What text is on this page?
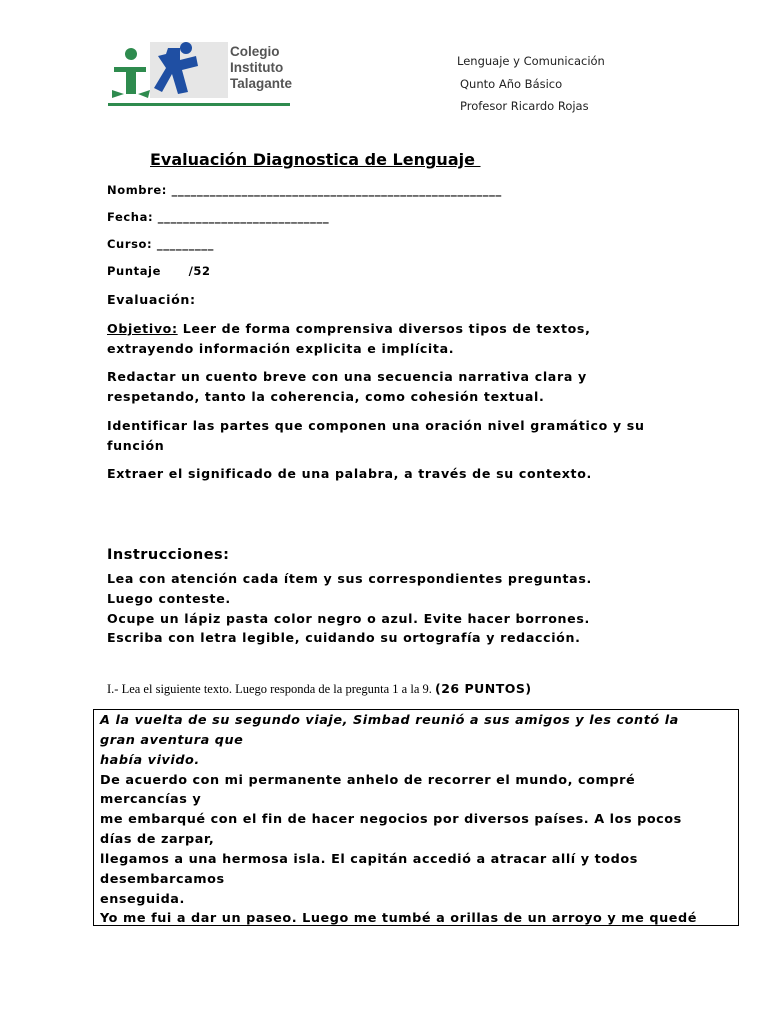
Colegio
Instituto
Talagante
Lenguaje y Comunicación
Qunto Año Básico
Profesor Ricardo Rojas
Evaluación Diagnostica de Lenguaje
Nombre: ____________________________________________________
Fecha: ___________________________
Curso: _________
Puntaje      /52
Evaluación:
Objetivo: Leer de forma comprensiva diversos tipos de textos, extrayendo información explicita e implícita.
Redactar un cuento breve con una secuencia narrativa clara y respetando, tanto la coherencia, como cohesión textual.
Identificar las partes que componen una oración nivel gramático y su función
Extraer el significado de una palabra, a través de su contexto.
Instrucciones:
Lea con atención cada ítem y sus correspondientes preguntas.
Luego conteste.
Ocupe un lápiz pasta color negro o azul. Evite hacer borrones.
Escriba con letra legible, cuidando su ortografía y redacción.
I.- Lea el siguiente texto. Luego responda de la pregunta 1 a la 9. (26 PUNTOS)
A la vuelta de su segundo viaje, Simbad reunió a sus amigos y les contó la
gran aventura que
había vivido.
De acuerdo con mi permanente anhelo de recorrer el mundo, compré
mercancías y
me embarqué con el fin de hacer negocios por diversos países. A los pocos
días de zarpar,
llegamos a una hermosa isla. El capitán accedió a atracar allí y todos
desembarcamos
enseguida.
Yo me fui a dar un paseo. Luego me tumbé a orillas de un arroyo y me quedé
